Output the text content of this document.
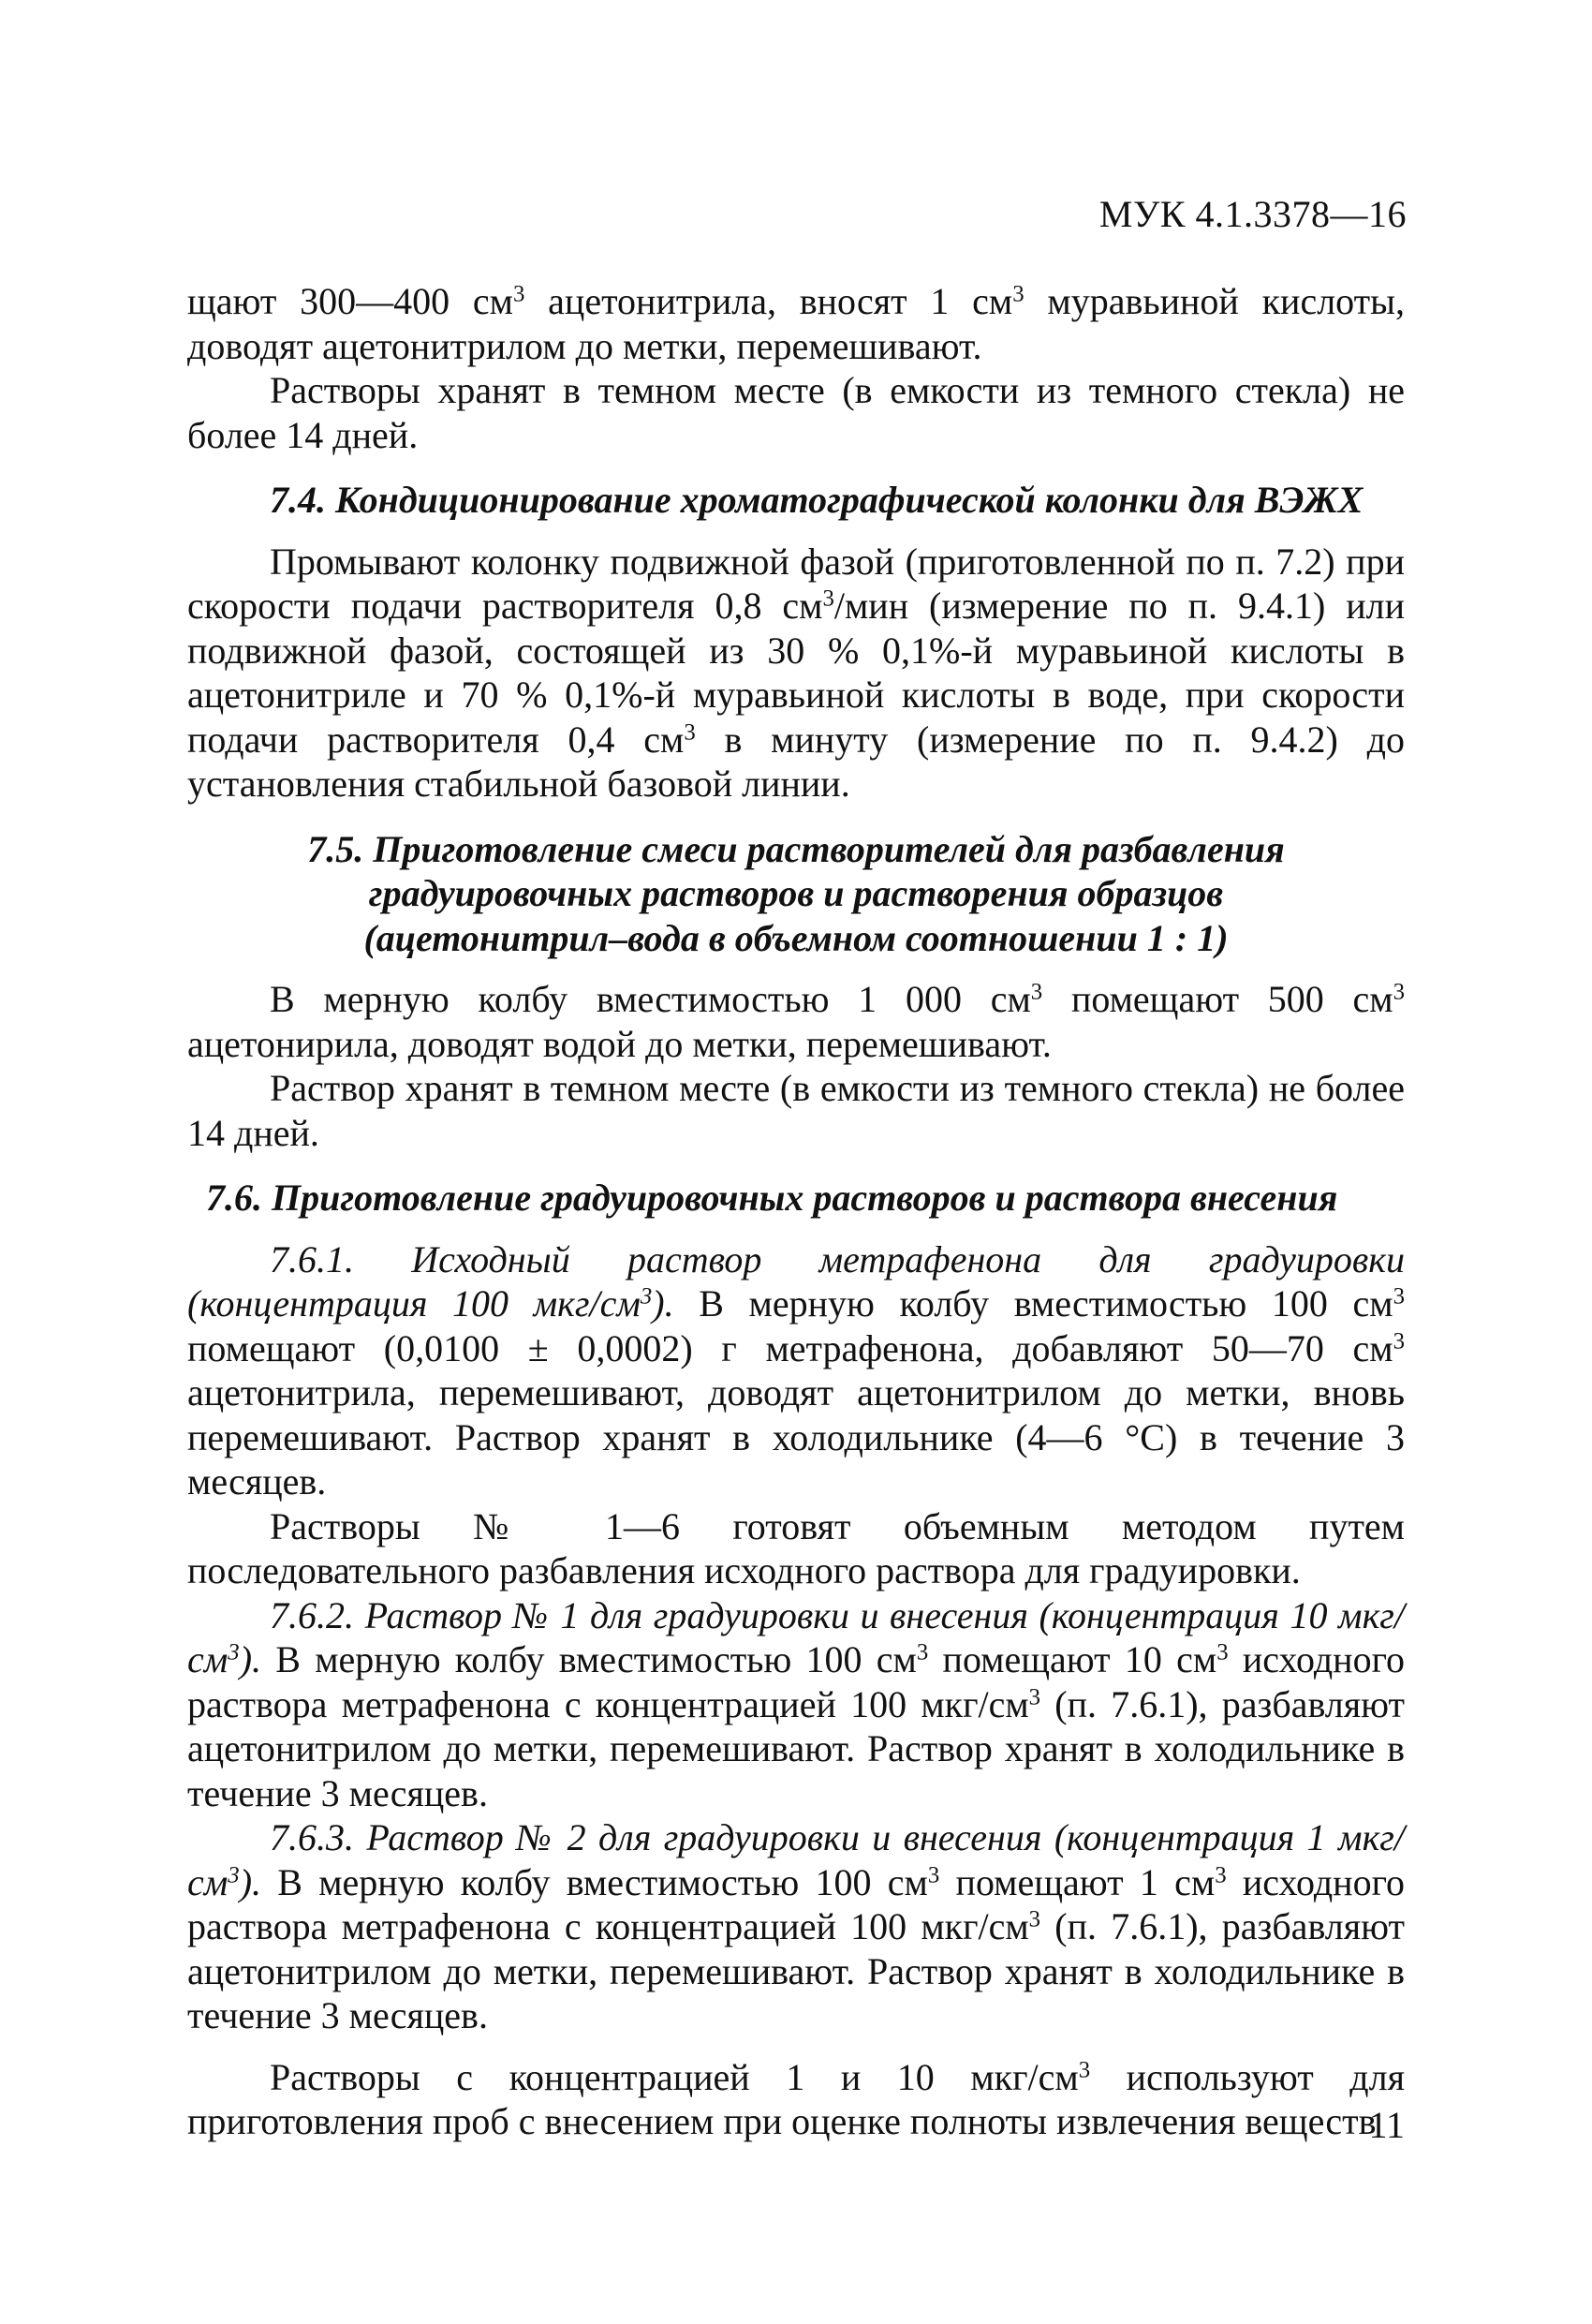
МУК 4.1.3378—16

щают 300—400 $см^3$ ацетонитрила, вносят 1 $см^3$ муравьиной кислоты, доводят ацетонитрилом до метки, перемешивают.

Растворы хранят в темном месте (в емкости из темного стекла) не более 14 дней.

7.4. Кондиционирование хроматографической колонки для ВЭЖХ

Промывают колонку подвижной фазой (приготовленной по п. 7.2) при скорости подачи растворителя 0,8 $см^3$/мин (измерение по п. 9.4.1) или подвижной фазой, состоящей из 30 % 0,1%-й муравьиной кислоты в ацетонитриле и 70 % 0,1%-й муравьиной кислоты в воде, при скорости подачи растворителя 0,4 $см^3$ в минуту (измерение по п. 9.4.2) до установления стабильной базовой линии.

7.5. Приготовление смеси растворителей для разбавления

градуировочных растворов и растворения образцов

(ацетонитрил–вода в объемном соотношении 1 : 1)

В мерную колбу вместимостью 1 000 $см^3$ помещают 500 $см^3$ ацетонирила, доводят водой до метки, перемешивают.

Раствор хранят в темном месте (в емкости из темного стекла) не более 14 дней.

7.6. Приготовление градуировочных растворов и раствора внесения

7.6.1. Исходный раствор метрафенона для градуировки (концентрация 100 мкг/$см^3$). В мерную колбу вместимостью 100 $см^3$ помещают (0,0100 ± 0,0002) г метрафенона, добавляют 50––70 $см^3$ ацетонитрила, перемешивают, доводят ацетонитрилом до метки, вновь перемешивают. Раствор хранят в холодильнике (4—6 °С) в течение 3 месяцев.

Растворы № 1—6 готовят объемным методом путем последовательного разбавления исходного раствора для градуировки.

7.6.2. Раствор № 1 для градуировки и внесения (концентрация 10 мкг/$см^3$). В мерную колбу вместимостью 100 $см^3$ помещают 10 $см^3$ исходного раствора метрафенона с концентрацией 100 мкг/$см^3$ (п. 7.6.1), разбавляют ацетонитрилом до метки, перемешивают. Раствор хранят в холодильнике в течение 3 месяцев.

7.6.3. Раствор № 2 для градуировки и внесения (концентрация 1 мкг/$см^3$). В мерную колбу вместимостью 100 $см^3$ помещают 1 $см^3$ исходного раствора метрафенона с концентрацией 100 мкг/$см^3$ (п. 7.6.1), разбавляют ацетонитрилом до метки, перемешивают. Раствор хранят в холодильнике в течение 3 месяцев.

Растворы с концентрацией 1 и 10 мкг/$см^3$ используют для приготовления проб с внесением при оценке полноты извлечения веществ

11
